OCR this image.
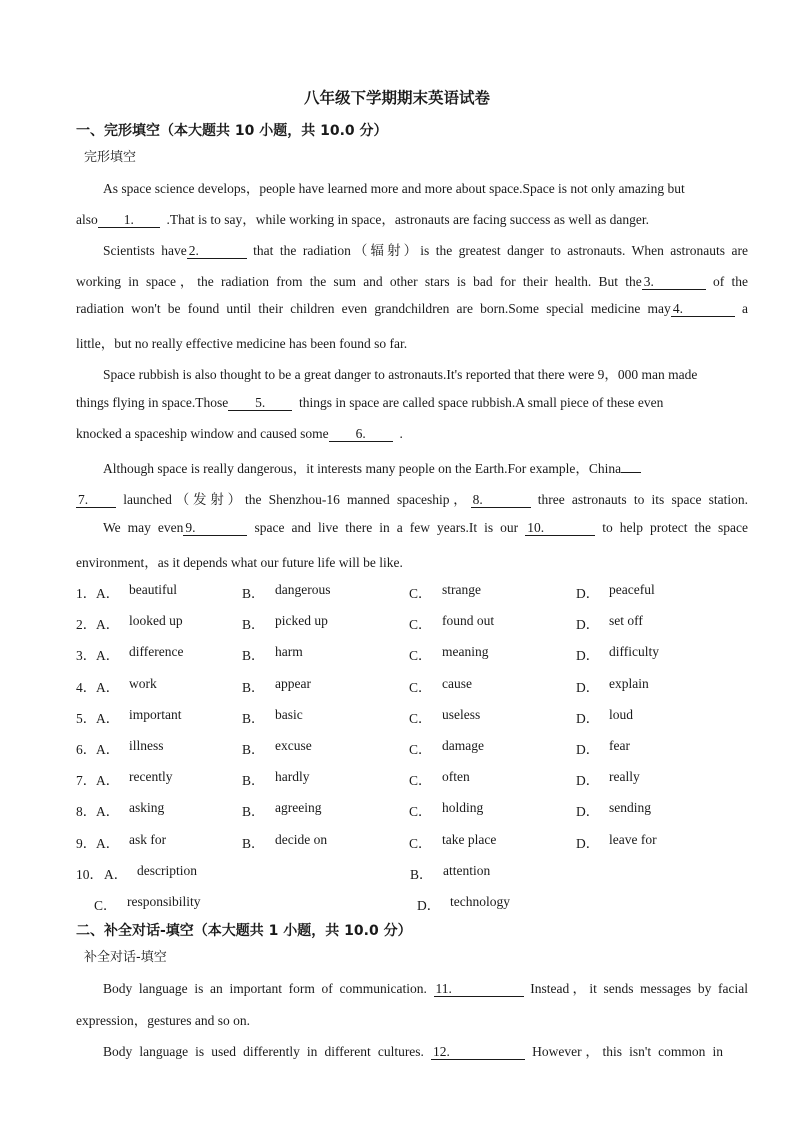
八年级下学期期末英语试卷
一、完形填空（本大题共 10 小题，共 10.0 分）
完形填空
As space science develops，people have learned more and more about space.Space is not only amazing but
also 1. .That is to say，while working in space，astronauts are facing success as well as danger.
Scientists have 2.	that the radiation（辐射）is the greatest danger to astronauts. When astronauts are
working in space，the radiation from the sum and other stars is bad for their health. But the 3.	of the
radiation won't be found until their children even grandchildren are born.Some special medicine may 4.	a
little，but no really effective medicine has been found so far.
Space rubbish is also thought to be a great danger to astronauts.It's reported that there were 9，000 man made
things flying in space.Those 5. things in space are called space rubbish.A small piece of these even
knocked a spaceship window and caused some 6. .
Although space is really dangerous，it interests many people on the Earth.For example，China
7.	launched（发射）the Shenzhou-16 manned spaceship， 8.	three astronauts to its space station.
We may even 9.	space and live there in a few years.It is our 10.	to help protect the space
environment，as it depends what our future life will be like.
1． A． beautiful	B． dangerous	C． strange	D． peaceful
2． A． looked up	B． picked up	C． found out	D． set off
3． A． difference	B． harm	C． meaning	D． difficulty
4． A． work	B． appear	C． cause	D． explain
5． A． important	B． basic	C． useless	D． loud
6． A． illness	B． excuse	C． damage	D． fear
7． A． recently	B． hardly	C． often	D． really
8． A． asking	B． agreeing	C． holding	D． sending
9． A． ask for	B． decide on	C． take place	D． leave for
10． A． description	B． attention
C． responsibility	D． technology
二、补全对话-填空（本大题共 1 小题，共 10.0 分）
补全对话-填空
Body language is an important form of communication. 11.	Instead，it sends messages by facial
expression，gestures and so on.
Body language is used differently in different cultures. 12.	However，this isn't common in
